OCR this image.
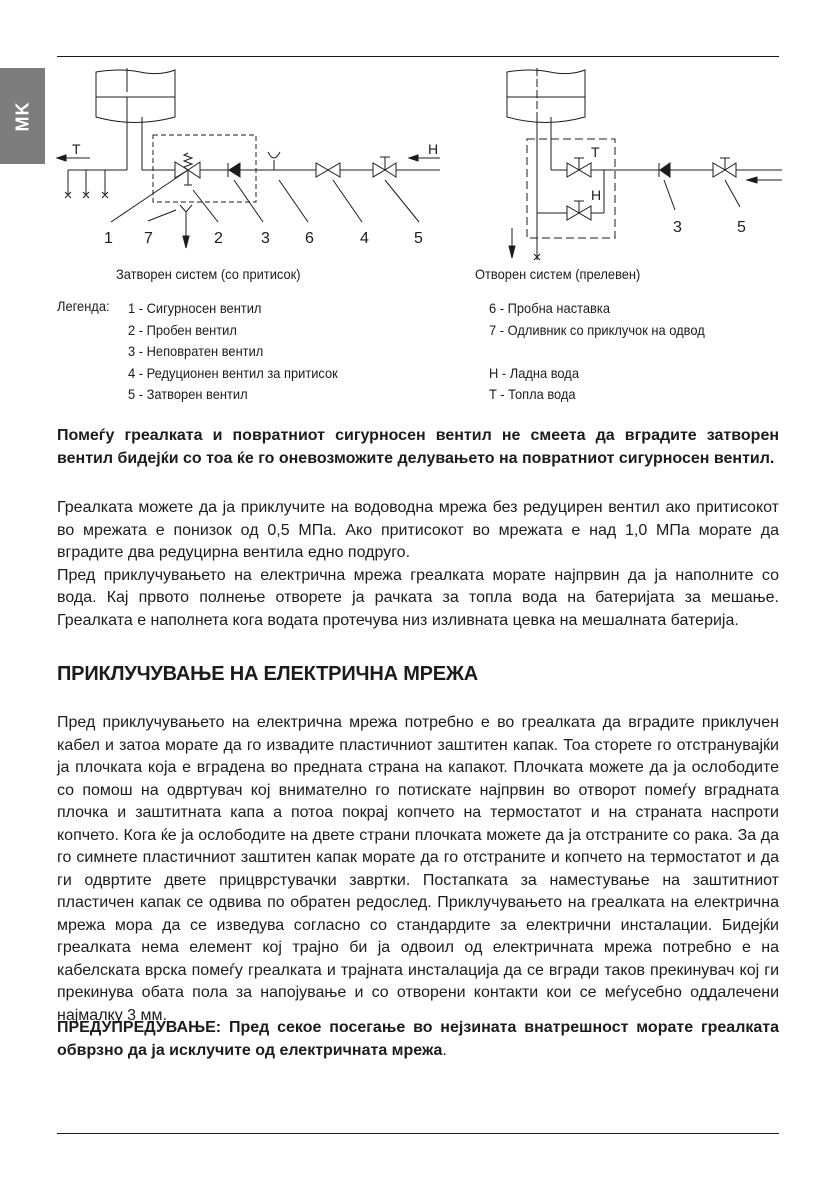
MK
T	H
1 7	2 3 6	4	5
T
H
3	5
Затворен систем (со притисок)	Отворен систем (прелевен)
Легенда: 1 - Сигурносен вентил
2 - Пробен вентил
3 - Неповратен вентил
4 - Редуционен вентил за притисок
5 - Затворен вентил
6 - Пробна наставка
7 - Одливник со приклучок на одвод
H - Ладна вода
T - Топла вода
Помеѓу греалката и повратниот сигурносен вентил не смеета да вградите затворен вентил бидејќи со тоа ќе го оневозможите делувањето на повратниот сигурносен вентил.

Греалката можете да ја приклучите на водоводна мрежа без редуцирен вентил ако притисокот во мрежата е понизок од 0,5 МПа. Ако притисокот во мрежата е над 1,0 МПа морате да вградите два редуцирна вентила едно подруго.

Пред приклучувањето на електрична мрежа греалката морате најпрвин да ја наполните со вода. Кај првото полнење отворете ја рачката за топла вода на батеријата за мешање. Греалката е наполнета кога водата протечува низ изливната цевка на мешалната батерија.

ПРИКЛУЧУВАЊЕ НА ЕЛЕКТРИЧНА МРЕЖА
Пред приклучувањето на електрична мрежа потребно е во греалката да вградите приклучен кабел и затоа морате да го извадите пластичниот заштитен капак. Тоа сторете го отстранувајќи ја плочката која е вградена во предната страна на капакот. Плочката можете да ја ослободите со помош на одвртувач кој внимателно го потискате најпрвин во отворот помеѓу вградната плочка и заштитната капа а потоа покрај копчето на термостатот и на страната наспроти копчето. Кога ќе ја ослободите на двете страни плочката можете да ја отстраните со рака. За да го симнете пластичниот заштитен капак морате да го отстраните и копчето на термостатот и да ги одвртите двете прицврстувачки завртки. Постапката за наместување на заштитниот пластичен капак се одвива по обратен редослед. Приклучувањето на греалката на електрична мрежа мора да се изведува согласно со стандардите за електрични инсталации. Бидејќи греалката нема елемент кој трајно би ја одвоил од електричната мрежа потребно е на кабелската врска помеѓу греалката и трајната инсталација да се вгради таков прекинувач кој ги прекинува обата пола за напојување и со отворени контакти кои се меѓусебно оддалечени најмалку 3 мм.
ПРЕДУПРЕДУВАЊЕ: Пред секое посегање во нејзината внатрешност морате греалката обврзно да ја исклучите од електричната мрежа.
